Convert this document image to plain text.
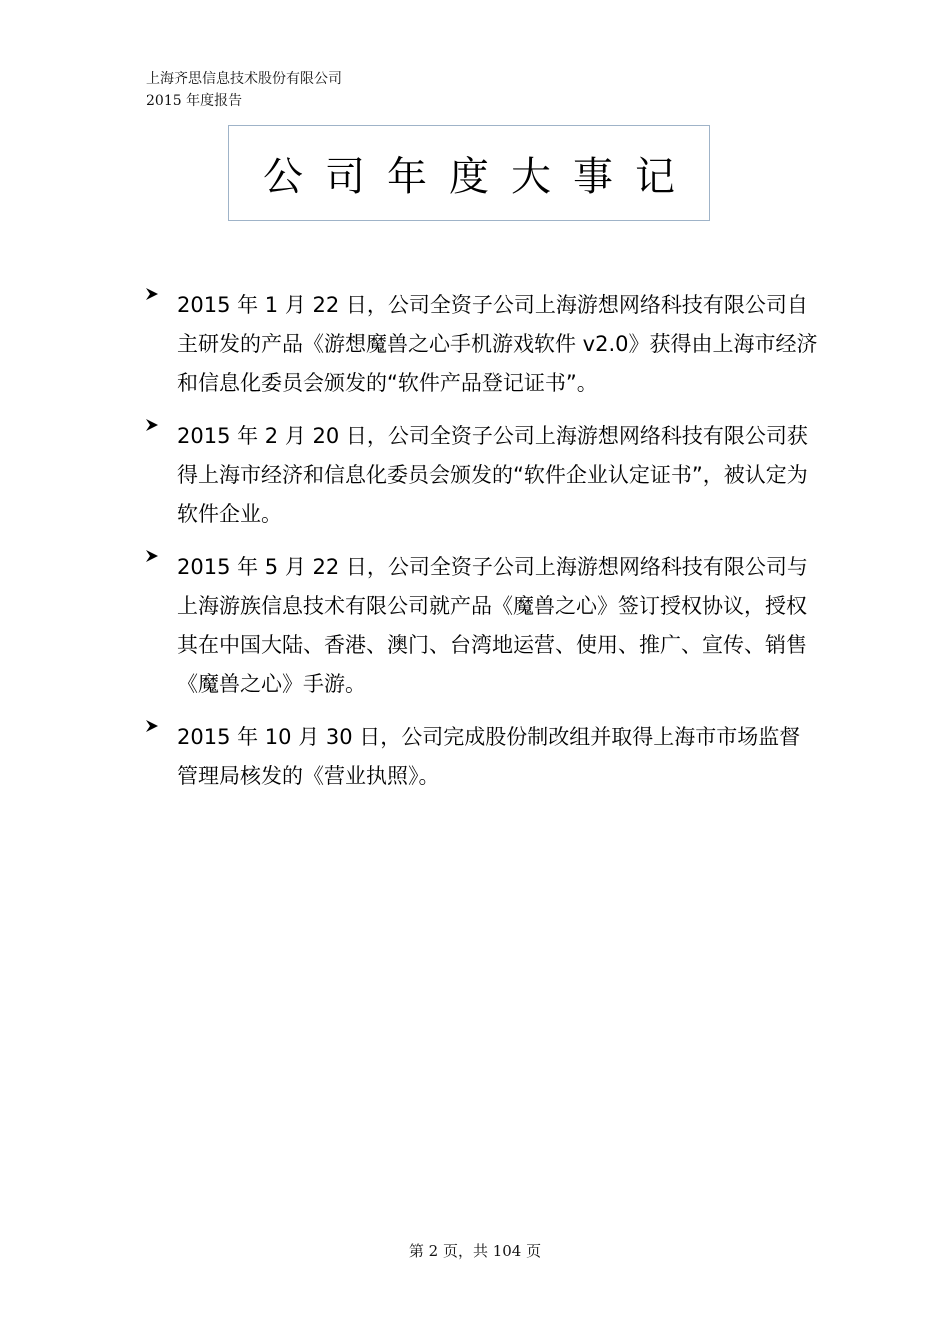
上海齐思信息技术股份有限公司
2015 年度报告
公司年度大事记
2015 年 1 月 22 日，公司全资子公司上海游想网络科技有限公司自主研发的产品《游想魔兽之心手机游戏软件 v2.0》获得由上海市经济和信息化委员会颁发的“软件产品登记证书”。
2015 年 2 月 20 日，公司全资子公司上海游想网络科技有限公司获得上海市经济和信息化委员会颁发的“软件企业认定证书”，被认定为软件企业。
2015 年 5 月 22 日，公司全资子公司上海游想网络科技有限公司与上海游族信息技术有限公司就产品《魔兽之心》签订授权协议，授权其在中国大陆、香港、澳门、台湾地运营、使用、推广、宣传、销售《魔兽之心》手游。
2015 年 10 月 30 日，公司完成股份制改组并取得上海市市场监督管理局核发的《营业执照》。
第 2 页，共 104 页
